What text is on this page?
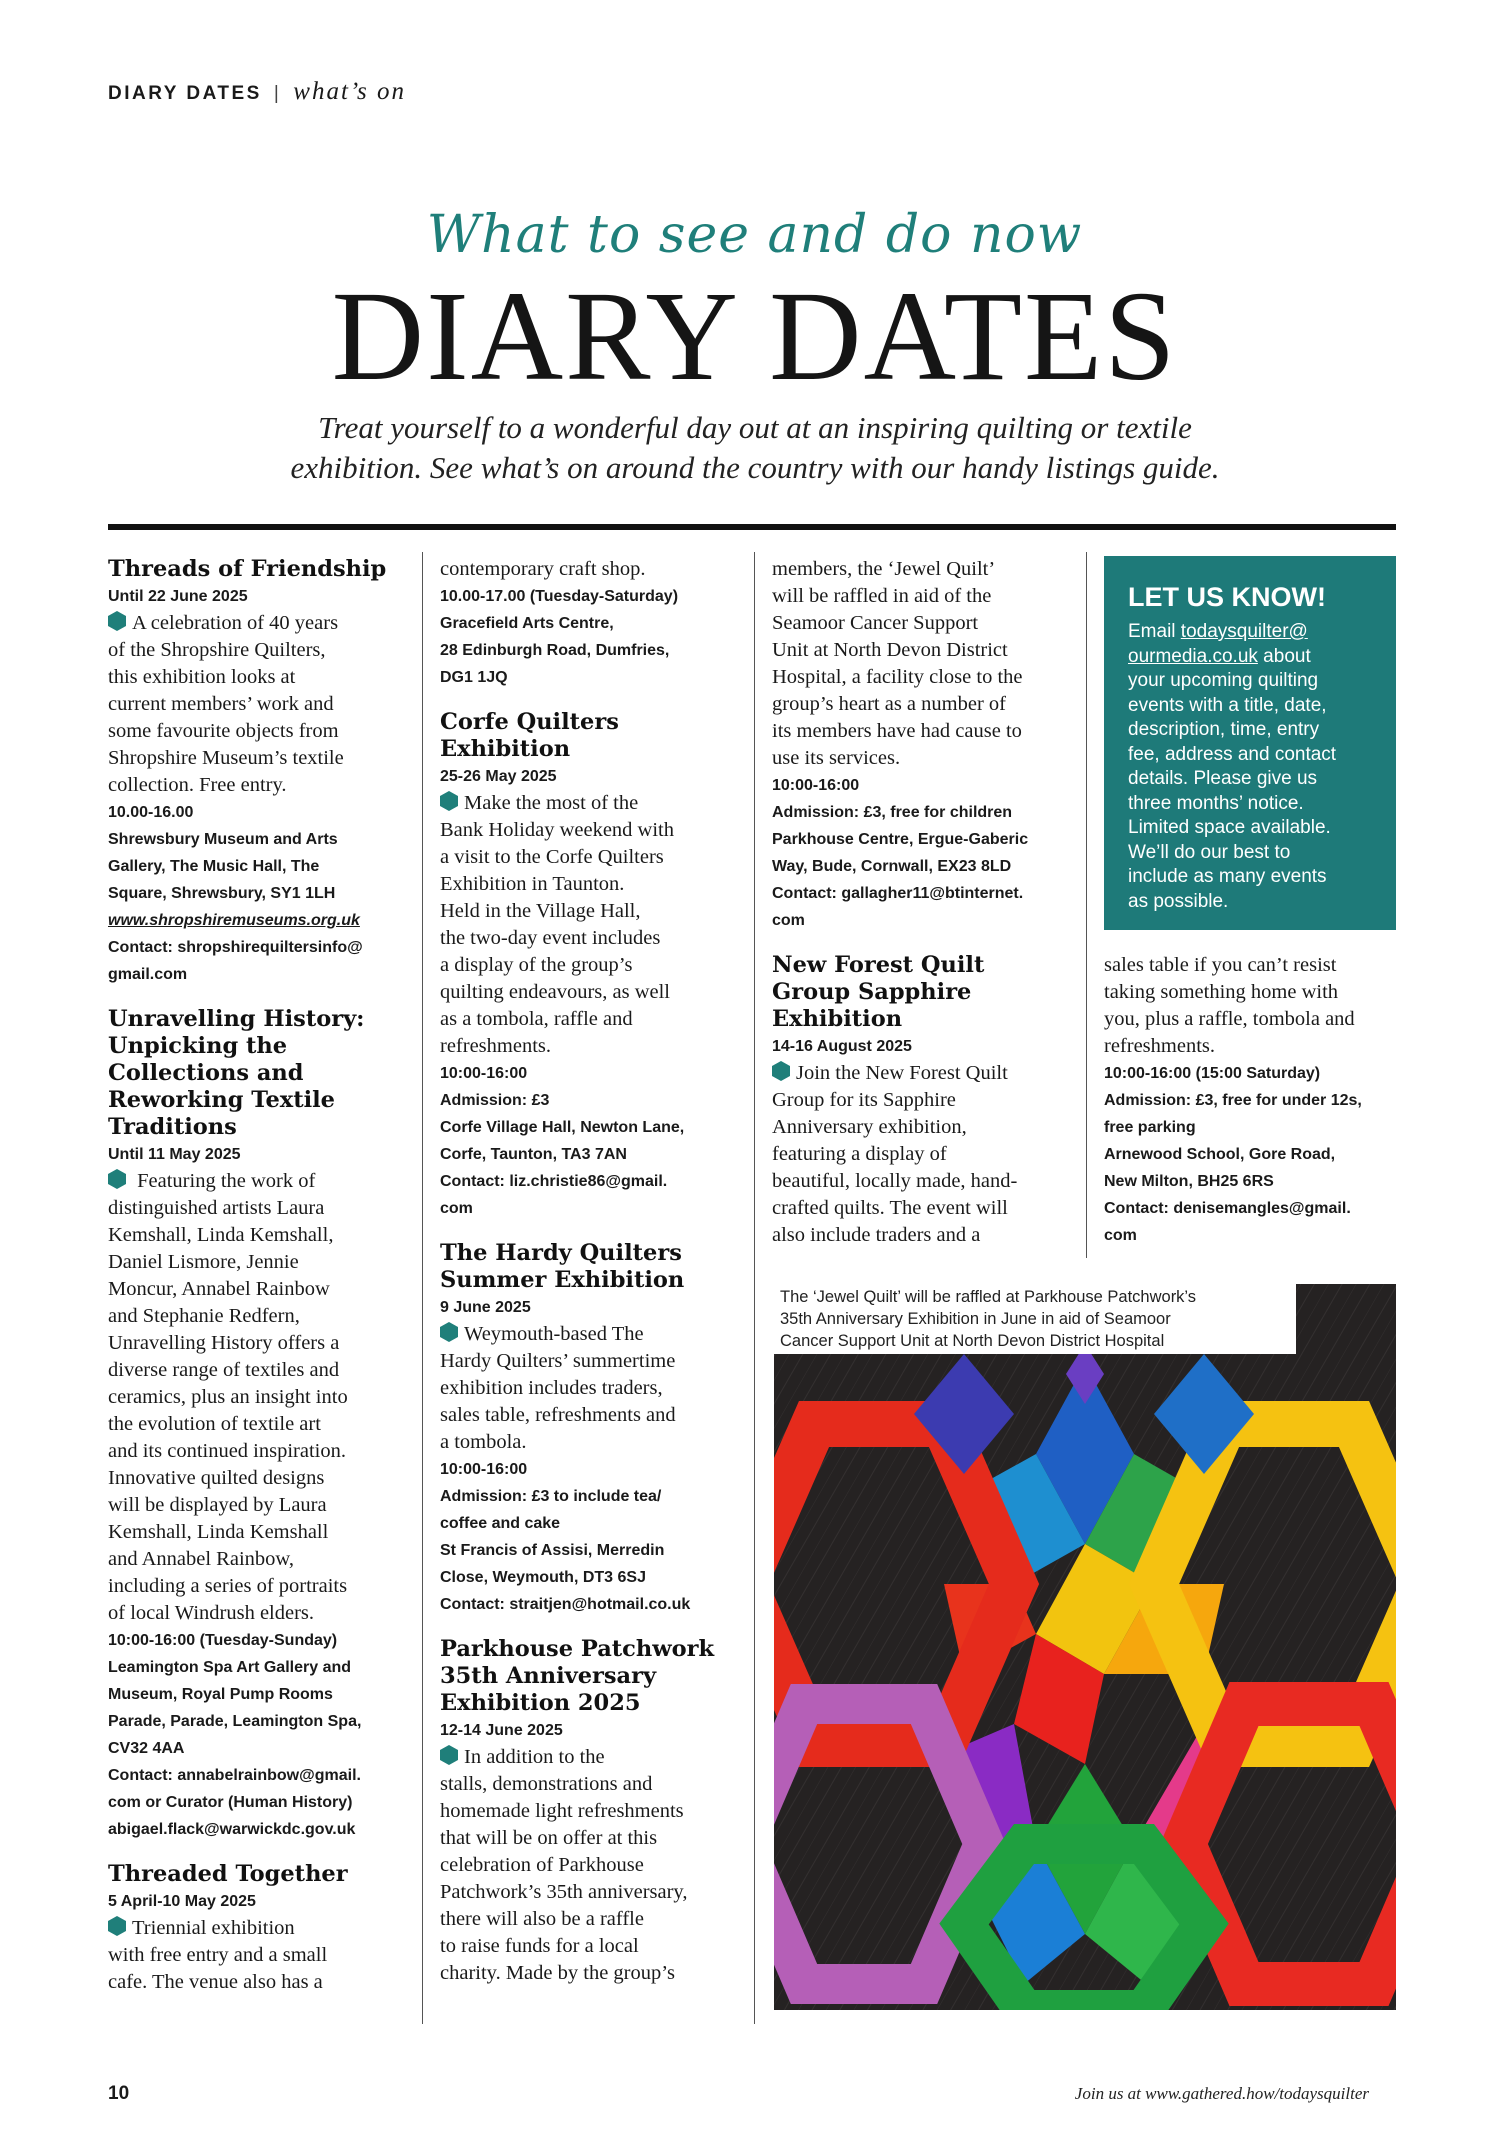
DIARY DATES | what’s on
What to see and do now
DIARY DATES
Treat yourself to a wonderful day out at an inspiring quilting or textile
exhibition. See what’s on around the country with our handy listings guide.

Threads of Friendship

Until 22 June 2025

A celebration of 40 years

of the Shropshire Quilters,

this exhibition looks at

current members’ work and

some favourite objects from

Shropshire Museum’s textile

collection. Free entry.

10.00-16.00

Shrewsbury Museum and Arts

Gallery, The Music Hall, The

Square, Shrewsbury, SY1 1LH

www.shropshiremuseums.org.uk

Contact: shropshirequiltersinfo@

gmail.com

Unravelling History:

Unpicking the

Collections and

Reworking Textile

Traditions

Until 11 May 2025

Featuring the work of

distinguished artists Laura

Kemshall, Linda Kemshall,

Daniel Lismore, Jennie

Moncur, Annabel Rainbow

and Stephanie Redfern,

Unravelling History offers a

diverse range of textiles and

ceramics, plus an insight into

the evolution of textile art

and its continued inspiration.

Innovative quilted designs

will be displayed by Laura

Kemshall, Linda Kemshall

and Annabel Rainbow,

including a series of portraits

of local Windrush elders.

10:00-16:00 (Tuesday-Sunday)

Leamington Spa Art Gallery and

Museum, Royal Pump Rooms

Parade, Parade, Leamington Spa,

CV32 4AA

Contact: annabelrainbow@gmail.

com or Curator (Human History)

abigael.flack@warwickdc.gov.uk

Threaded Together

5 April-10 May 2025

Triennial exhibition

with free entry and a small

cafe. The venue also has a

contemporary craft shop.

10.00-17.00 (Tuesday-Saturday)

Gracefield Arts Centre,

28 Edinburgh Road, Dumfries,

DG1 1JQ

Corfe Quilters

Exhibition

25-26 May 2025

Make the most of the

Bank Holiday weekend with

a visit to the Corfe Quilters

Exhibition in Taunton.

Held in the Village Hall,

the two-day event includes

a display of the group’s

quilting endeavours, as well

as a tombola, raffle and

refreshments.

10:00-16:00

Admission: £3

Corfe Village Hall, Newton Lane,

Corfe, Taunton, TA3 7AN

Contact: liz.christie86@gmail.

com

The Hardy Quilters

Summer Exhibition

9 June 2025

Weymouth-based The

Hardy Quilters’ summertime

exhibition includes traders,

sales table, refreshments and

a tombola.

10:00-16:00

Admission: £3 to include tea/

coffee and cake

St Francis of Assisi, Merredin

Close, Weymouth, DT3 6SJ

Contact: straitjen@hotmail.co.uk

Parkhouse Patchwork

35th Anniversary

Exhibition 2025

12-14 June 2025

In addition to the

stalls, demonstrations and

homemade light refreshments

that will be on offer at this

celebration of Parkhouse

Patchwork’s 35th anniversary,

there will also be a raffle

to raise funds for a local

charity. Made by the group’s

members, the ‘Jewel Quilt’

will be raffled in aid of the

Seamoor Cancer Support

Unit at North Devon District

Hospital, a facility close to the

group’s heart as a number of

its members have had cause to

use its services.

10:00-16:00

Admission: £3, free for children

Parkhouse Centre, Ergue-Gaberic

Way, Bude, Cornwall, EX23 8LD

Contact: gallagher11@btinternet.

com

New Forest Quilt

Group Sapphire

Exhibition

14-16 August 2025

Join the New Forest Quilt

Group for its Sapphire

Anniversary exhibition,

featuring a display of

beautiful, locally made, hand-

crafted quilts. The event will

also include traders and a

LET US KNOW!
Email todaysquilter@
ourmedia.co.uk about
your upcoming quilting
events with a title, date,
description, time, entry
fee, address and contact
details. Please give us
three months’ notice.
Limited space available.
We’ll do our best to
include as many events
as possible.

sales table if you can’t resist

taking something home with

you, plus a raffle, tombola and

refreshments.

10:00-16:00 (15:00 Saturday)

Admission: £3, free for under 12s,

free parking

Arnewood School, Gore Road,

New Milton, BH25 6RS

Contact: denisemangles@gmail.

com

The ‘Jewel Quilt’ will be raffled at Parkhouse Patchwork’s
35th Anniversary Exhibition in June in aid of Seamoor
Cancer Support Unit at North Devon District Hospital
10	Join us at www.gathered.how/todaysquilter
